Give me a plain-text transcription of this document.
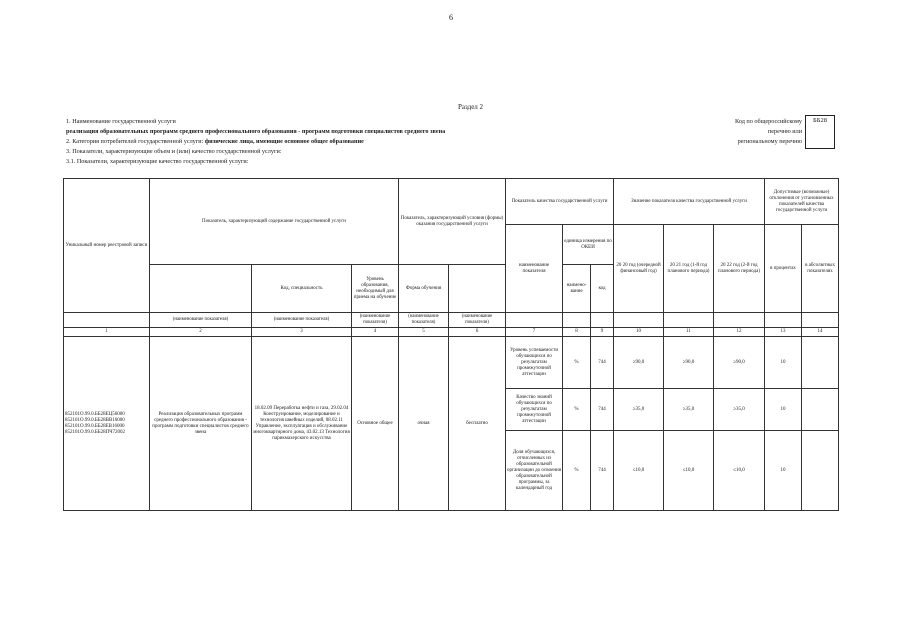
6
Раздел 2
1. Наименование государственной услуги
реализация образовательных программ среднего профессионального образования - программ подготовки специалистов среднего звена
2. Категория потребителей государственной услуги: физические лица, имеющие основное общее образование
3. Показатели, характеризующие объем и (или) качество государственной услуги:
3.1. Показатели, характеризующие качество государственной услуги:
Код по общероссийскому
перечню или
региональному перечню
ББ28
Уникальный номер реестровой записи	Показатель, характеризующий содержание государственной услуги			Показатель, характеризующий условия (формы) оказания государственной услуги		Показатель качества государственной услуги			Значение показателя качества государственной услуги			Допустимые (возможные) отклонения от установленных показателей качества государственной услуги	
						наименование показателя	единица измерения по ОКЕИ		20 20 год (очередной финансовый год)	20 21 год (1-й год планового периода)	20 22 год (2-й год планового периода)	в процентах	в абсолютных показателях
		Код, специальность	Уровень образования, необходимый для приема на обучение	Форма обучения			наимено-вание	код					
	(наименование показателя)	(наименование показателя)	(наименование показателя)	(наименование показателя)	(наименование показателя)								
1	2	3	4	5	6	7	8	9	10	11	12	13	14
852101О.99.0.ББ28ЕЦ56000 852101О.99.0.ББ28ВВ16000 852101О.99.0.ББ28ЕВ16000 852101О.99.0.ББ28ПЧ72002	Реализация образовательных программ среднего профессионального образования - программ подготовки специалистов среднего звена	18.02.09 Переработка нефти и газа, 29.02.04 Конструирование, моделирование и технология швейных изделий, 08.02.11 Управление, эксплуатация и обслуживание многоквартирного дома, 43.02.13 Технология парикмахерского искусства	Основное общее	очная	бесплатно	Уровень успеваемости обучающихся по результатам промежуточной аттестации	%	744	≥90,0	≥90,0	≥90,0	10	
						Качество знаний обучающихся по результатам промежуточной аттестации	%	744	≥35,0	≥35,0	≥35,0	10	
						Доля обучающихся, отчисленных из образовательной организации до освоения образовательной программы, за календарный год	%	744	≤10,0	≤10,0	≤10,0	10	
